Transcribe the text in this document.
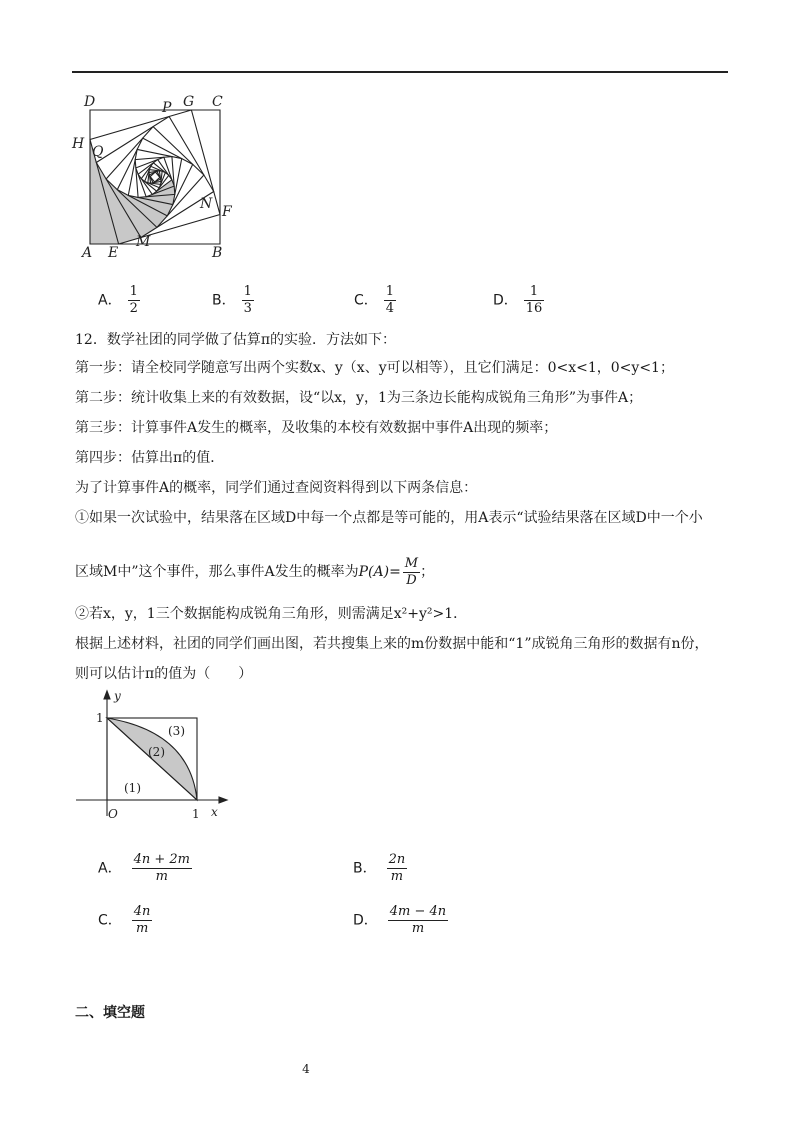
D	P G C
H Q
N F
A E
M
B
A． $\frac{1}{2}$	B． $\frac{1}{3}$	C． $\frac{1}{4}$	D． $\frac{1}{16}$
12．数学社团的同学做了估算π的实验．方法如下：
第一步：请全校同学随意写出两个实数x、y（x、y可以相等），且它们满足：0<x<1，0<y<1；
第二步：统计收集上来的有效数据，设“以x，y，1为三条边长能构成锐角三角形”为事件A；
第三步：计算事件A发生的概率，及收集的本校有效数据中事件A出现的频率；
第四步：估算出π的值．
为了计算事件A的概率，同学们通过查阅资料得到以下两条信息：
①如果一次试验中，结果落在区域D中每一个点都是等可能的，用A表示“试验结果落在区域D中一个小
区域M中”这个事件，那么事件A发生的概率为$P(A)= \frac{M}{D}$ ；
②若x，y，1三个数据能构成锐角三角形，则需满足x²+y²>1．
根据上述材料，社团的同学们画出图，若共搜集上来的m份数据中能和“1”成锐角三角形的数据有n份，
则可以估计π的值为（　　）
y
x
O
1
1
(1)
(2)
(3)
A． $\frac{4n + 2m}{m}$	B． $\frac{2n}{m}$
C． $\frac{4n}{m}$	D． $\frac{4m - 4n}{m}$
二、填空题
4
